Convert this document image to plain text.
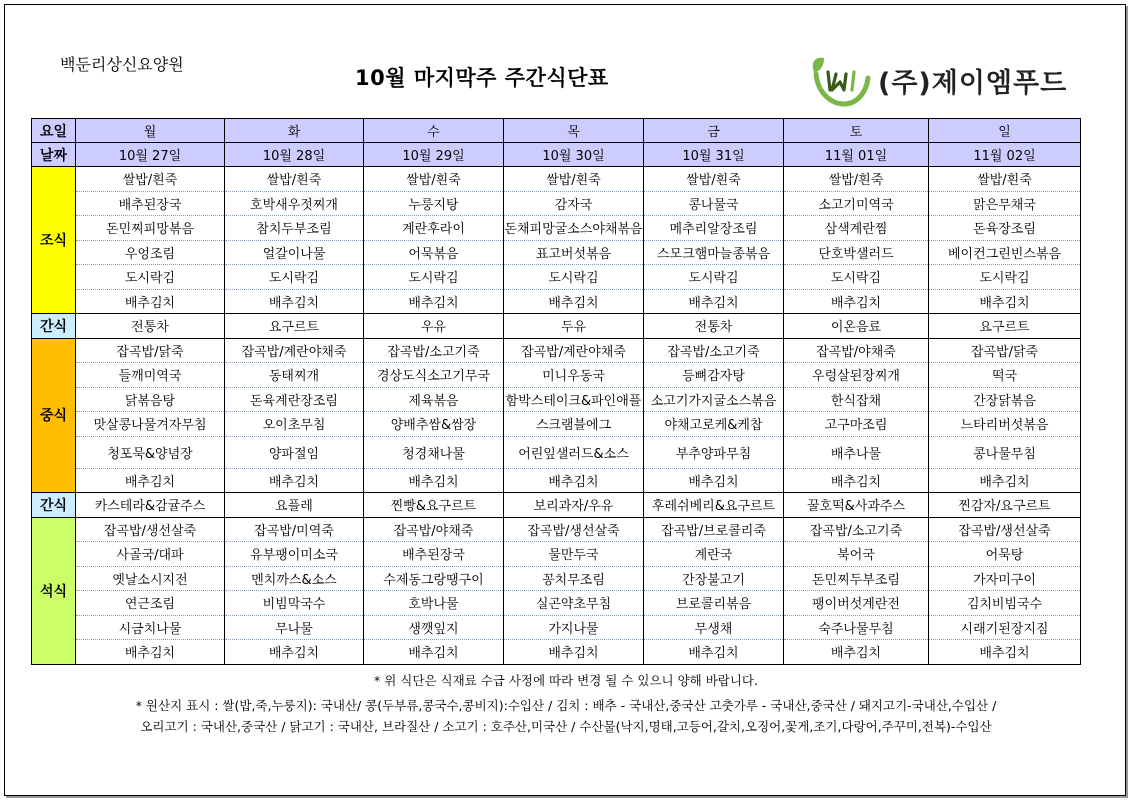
백둔리상신요양원
10월 마지막주 주간식단표	(주)제이엠푸드
요일	월	화	수	목	금	토	일
날짜	10월 27일	10월 28일	10월 29일	10월 30일	10월 31일	11월 01일	11월 02일
조식	쌀밥/흰죽	쌀밥/흰죽	쌀밥/흰죽	쌀밥/흰죽	쌀밥/흰죽	쌀밥/흰죽	쌀밥/흰죽
	배추된장국	호박새우젓찌개	누룽지탕	감자국	콩나물국	소고기미역국	맑은무채국
	돈민찌피망볶음	참치두부조림	계란후라이	돈채피망굴소스야채볶음	메추리알장조림	삼색계란찜	돈육장조림
	우엉조림	얼갈이나물	어묵볶음	표고버섯볶음	스모크햄마늘종볶음	단호박샐러드	베이컨그린빈스볶음
	도시락김	도시락김	도시락김	도시락김	도시락김	도시락김	도시락김
	배추김치	배추김치	배추김치	배추김치	배추김치	배추김치	배추김치
간식	전통차	요구르트	우유	두유	전통차	이온음료	요구르트
중식	잡곡밥/닭죽	잡곡밥/계란야채죽	잡곡밥/소고기죽	잡곡밥/계란야채죽	잡곡밥/소고기죽	잡곡밥/야채죽	잡곡밥/닭죽
	들깨미역국	동태찌개	경상도식소고기무국	미니우동국	등뼈감자탕	우렁살된장찌개	떡국
	닭볶음탕	돈육계란장조림	제육볶음	함박스테이크&파인애플	소고기가지굴소스볶음	한식잡채	간장닭볶음
	맛살콩나물겨자무침	오이초무침	양배추쌈&쌈장	스크램블에그	야채고로케&케찹	고구마조림	느타리버섯볶음
	청포묵&양념장	양파절임	청경채나물	어린잎샐러드&소스	부추양파무침	배추나물	콩나물무침
	배추김치	배추김치	배추김치	배추김치	배추김치	배추김치	배추김치
간식	카스테라&감귤주스	요플레	찐빵&요구르트	보리과자/우유	후레쉬베리&요구르트	꿀호떡&사과주스	찐감자/요구르트
석식	잡곡밥/생선살죽	잡곡밥/미역죽	잡곡밥/야채죽	잡곡밥/생선살죽	잡곡밥/브로콜리죽	잡곡밥/소고기죽	잡곡밥/생선살죽
	사골국/대파	유부팽이미소국	배추된장국	물만두국	계란국	북어국	어묵탕
	옛날소시지전	멘치까스&소스	수제동그랑땡구이	꽁치무조림	간장불고기	돈민찌두부조림	가자미구이
	연근조림	비빔막국수	호박나물	실곤약초무침	브로콜리볶음	팽이버섯계란전	김치비빔국수
	시금치나물	무나물	생깻잎지	가지나물	무생채	숙주나물무침	시래기된장지짐
	배추김치	배추김치	배추김치	배추김치	배추김치	배추김치	배추김치
* 위 식단은 식재료 수급 사정에 따라 변경 될 수 있으니 양해 바랍니다.
* 원산지 표시 : 쌀(밥,죽,누룽지): 국내산/ 콩(두부류,콩국수,콩비지):수입산 / 김치 : 배추 - 국내산,중국산 고춧가루 - 국내산,중국산 / 돼지고기-국내산,수입산 /
오리고기 : 국내산,중국산 / 닭고기 : 국내산, 브라질산 / 소고기 : 호주산,미국산 / 수산물(낙지,명태,고등어,갈치,오징어,꽃게,조기,다랑어,주꾸미,전복)-수입산
